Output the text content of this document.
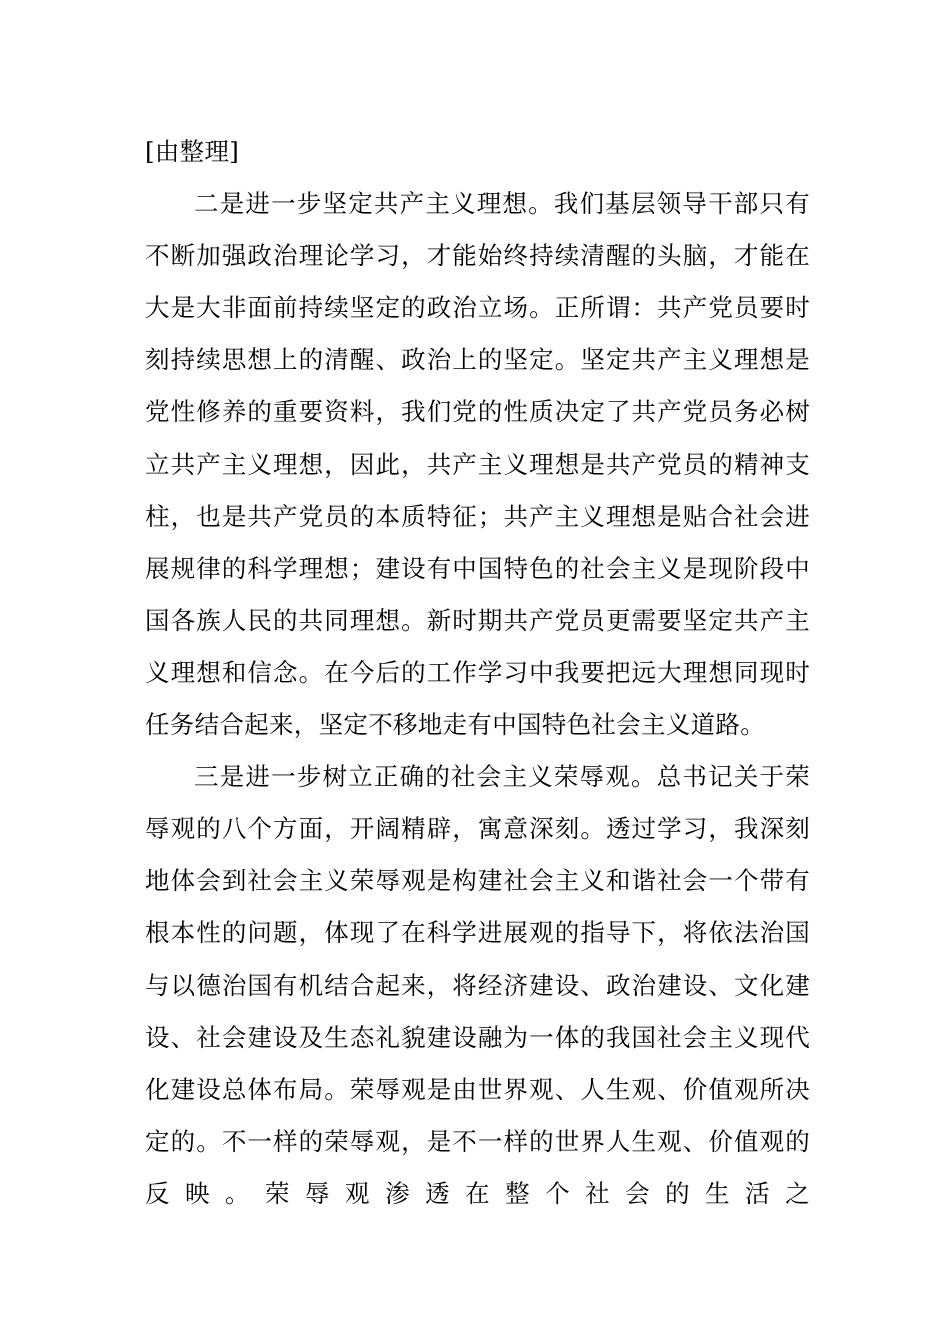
[由整理]

二是进一步坚定共产主义理想。我们基层领导干部只有不断加强政治理论学习，才能始终持续清醒的头脑，才能在大是大非面前持续坚定的政治立场。正所谓：共产党员要时刻持续思想上的清醒、政治上的坚定。坚定共产主义理想是党性修养的重要资料，我们党的性质决定了共产党员务必树立共产主义理想，因此，共产主义理想是共产党员的精神支柱，也是共产党员的本质特征；共产主义理想是贴合社会进展规律的科学理想；建设有中国特色的社会主义是现阶段中国各族人民的共同理想。新时期共产党员更需要坚定共产主义理想和信念。在今后的工作学习中我要把远大理想同现时任务结合起来，坚定不移地走有中国特色社会主义道路。

三是进一步树立正确的社会主义荣辱观。总书记关于荣辱观的八个方面，开阔精辟，寓意深刻。透过学习，我深刻地体会到社会主义荣辱观是构建社会主义和谐社会一个带有根本性的问题，体现了在科学进展观的指导下，将依法治国与以德治国有机结合起来，将经济建设、政治建设、文化建设、社会建设及生态礼貌建设融为一体的我国社会主义现代化建设总体布局。荣辱观是由世界观、人生观、价值观所决定的。不一样的荣辱观，是不一样的世界人生观、价值观的反映。荣辱观渗透在整个社会的生活之
